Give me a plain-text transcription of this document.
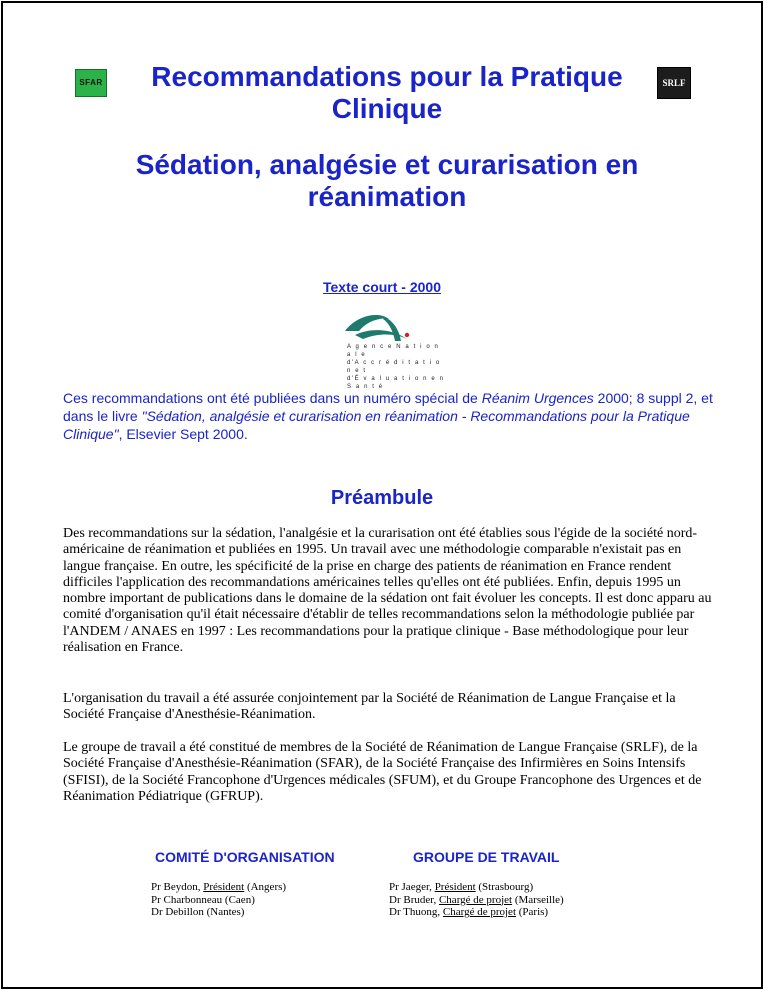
SFAR	SRLF
Recommandations pour la Pratique
Clinique
Sédation, analgésie et curarisation en
réanimation
Texte court - 2000
A g e n c e N a t i o n a l e
d'A c c r é d i t a t i o n e t
d'É v a l u a t i o n e n S a n t é
Ces recommandations ont été publiées dans un numéro spécial de Réanim Urgences 2000; 8 suppl 2, et dans le livre "Sédation, analgésie et curarisation en réanimation - Recommandations pour la Pratique Clinique", Elsevier Sept 2000.
Préambule
Des recommandations sur la sédation, l'analgésie et la curarisation ont été établies sous l'égide de la société nord-américaine de réanimation et publiées en 1995. Un travail avec une méthodologie comparable n'existait pas en langue française. En outre, les spécificité de la prise en charge des patients de réanimation en France rendent difficiles l'application des recommandations américaines telles qu'elles ont été publiées. Enfin, depuis 1995 un nombre important de publications dans le domaine de la sédation ont fait évoluer les concepts. Il est donc apparu au comité d'organisation qu'il était nécessaire d'établir de telles recommandations selon la méthodologie publiée par l'ANDEM / ANAES en 1997 : Les recommandations pour la pratique clinique - Base méthodologique pour leur réalisation en France.
L'organisation du travail a été assurée conjointement par la Société de Réanimation de Langue Française et la Société Française d'Anesthésie-Réanimation.
Le groupe de travail a été constitué de membres de la Société de Réanimation de Langue Française (SRLF), de la Société Française d'Anesthésie-Réanimation (SFAR), de la Société Française des Infirmières en Soins Intensifs (SFISI), de la Société Francophone d'Urgences médicales (SFUM), et du Groupe Francophone des Urgences et de Réanimation Pédiatrique (GFRUP).
COMITÉ D'ORGANISATION	GROUPE DE TRAVAIL
Pr Beydon, Président (Angers)
Pr Charbonneau (Caen)
Dr Debillon (Nantes)
Pr Jaeger, Président (Strasbourg)
Dr Bruder, Chargé de projet (Marseille)
Dr Thuong, Chargé de projet (Paris)
